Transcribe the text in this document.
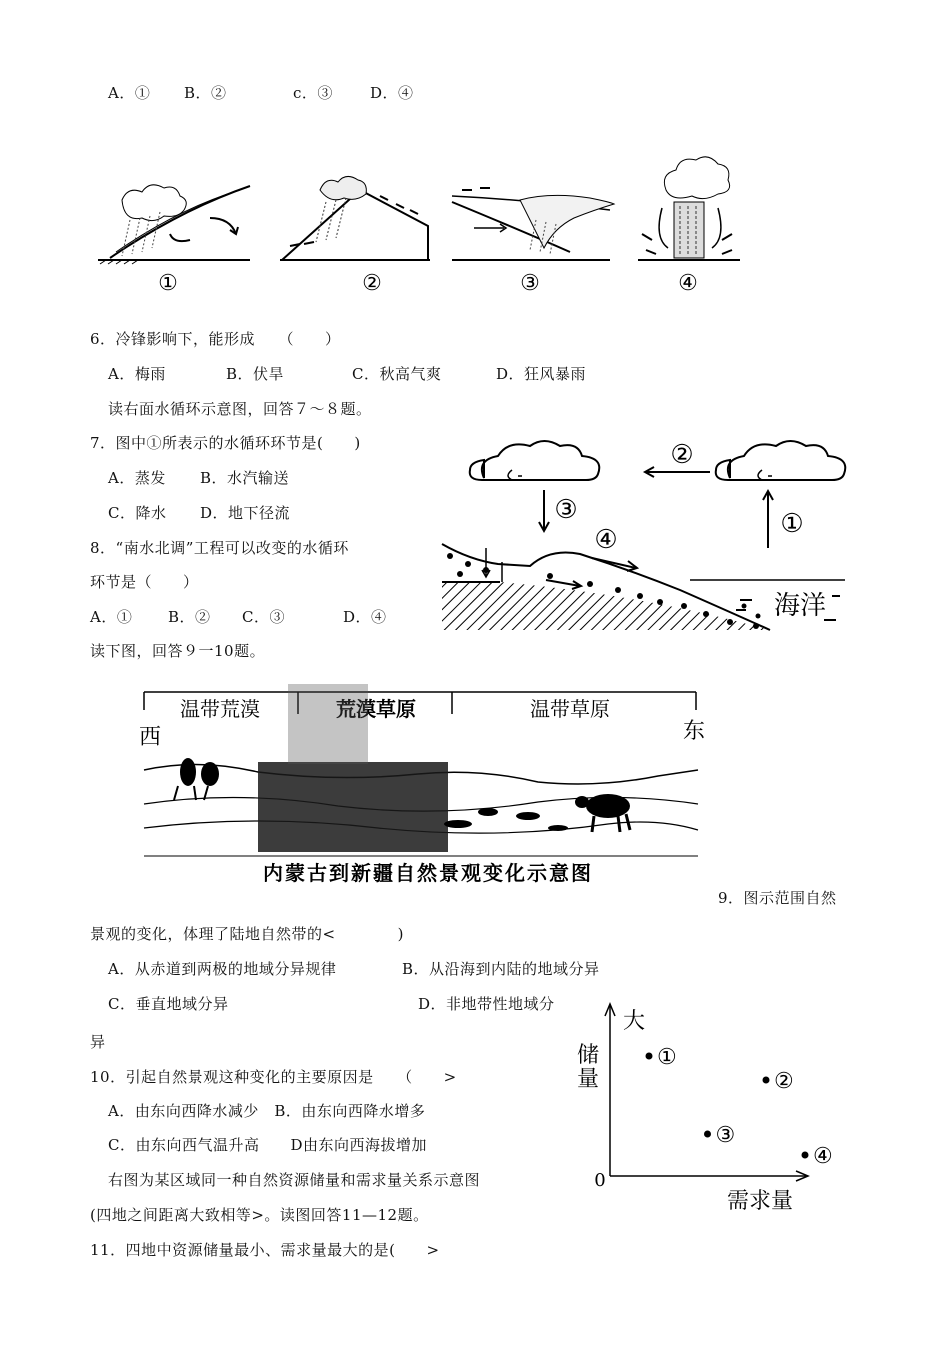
A．① B．②	c．③ D．④
①	②	③	④
6．冷锋影响下，能形成　　（　　）
A．梅雨	B．伏旱	C．秋高气爽	D．狂风暴雨
读右面水循环示意图，回答７～８题。
7．图中①所表示的水循环环节是(　　)
A．蒸发 B．水汽输送
C．降水 D．地下径流
8．“南水北调”工程可以改变的水循环
环节是（　　）
A．① B．② C．③	D．④
②
③	①
④
海洋
读下图，回答９一10题。
温带荒漠	荒漠草原	温带草原
西	东
内蒙古到新疆自然景观变化示意图
9．图示范围自然
景观的变化，体理了陆地自然带的<　　　　)
A．从赤道到两极的地域分异规律	B．从沿海到内陆的地域分异
C．垂直地域分异	D．非地带性地域分
异
10．引起自然景观这种变化的主要原因是　　（　　>
A．由东向西降水减少　B．由东向西降水增多
C．由东向西气温升高　　D由东向西海拔增加
右图为某区域同一种自然资源储量和需求量关系示意图
(四地之间距离大致相等>。读图回答11—12题。
11．四地中资源储量最小、需求量最大的是(　　>
大
储
量
0
需求量
①
②
③
④
